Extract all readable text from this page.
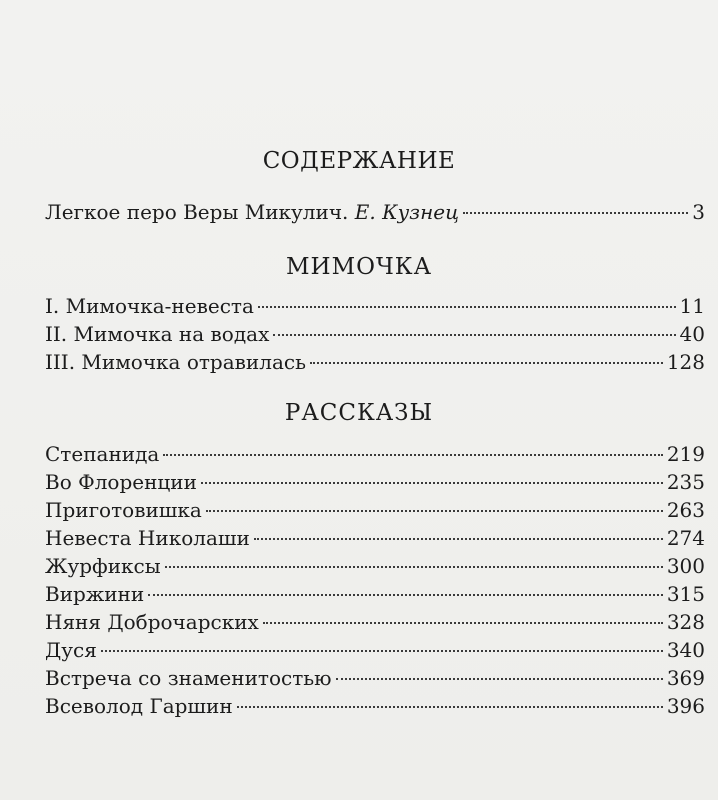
СОДЕРЖАНИЕ
Легкое перо Веры Микулич. Е. Кузнец	3
МИМОЧКА
I. Мимочка-невеста	11
II. Мимочка на водах	40
III. Мимочка отравилась	128
РАССКАЗЫ
Степанида	219
Во Флоренции	235
Приготовишка	263
Невеста Николаши	274
Журфиксы	300
Виржини	315
Няня Доброчарских	328
Дуся	340
Встреча со знаменитостью	369
Всеволод Гаршин	396
